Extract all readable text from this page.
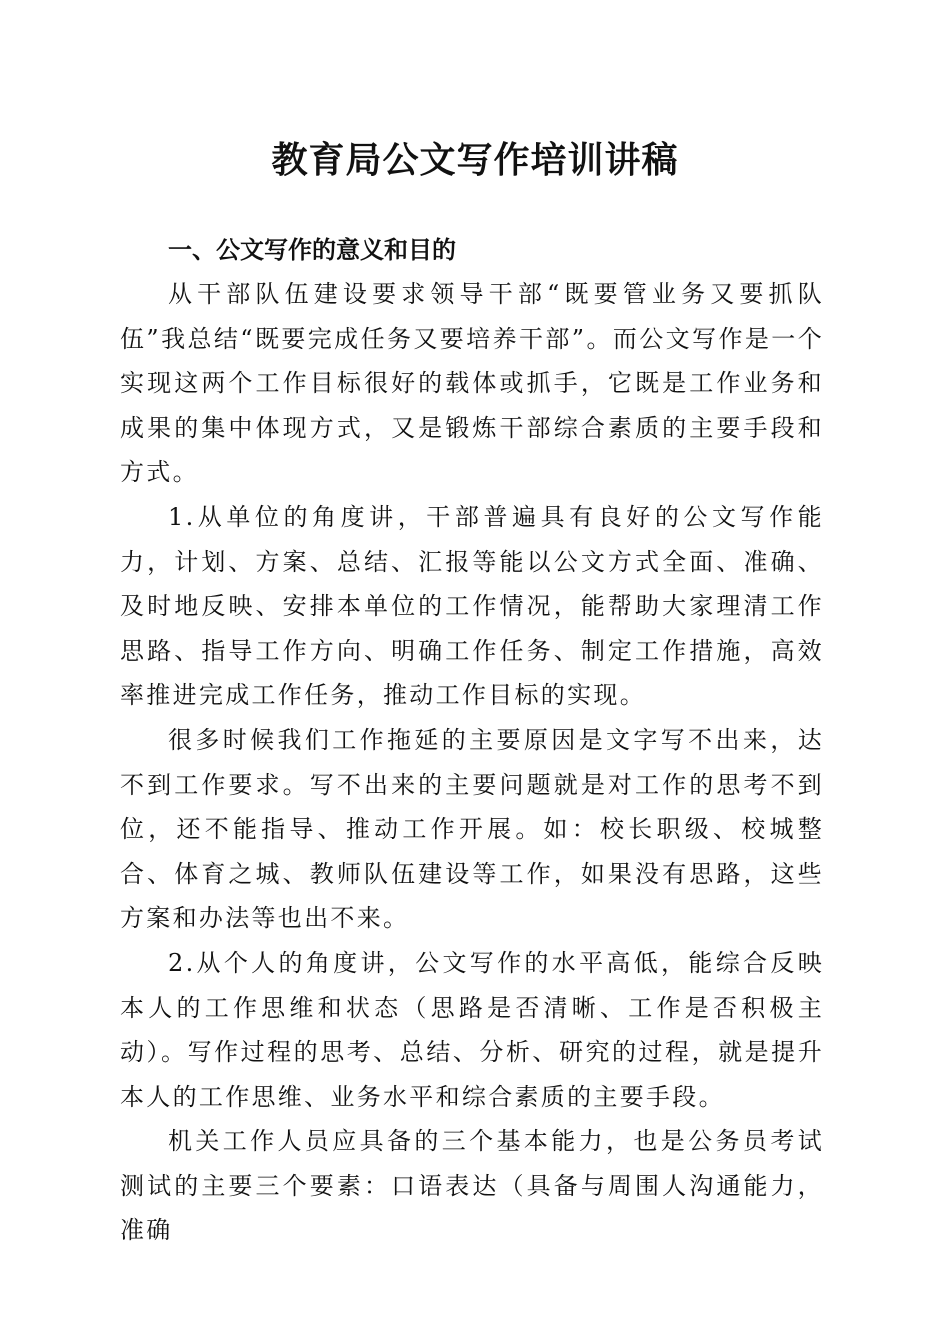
教育局公文写作培训讲稿

一、公文写作的意义和目的

从干部队伍建设要求领导干部“既要管业务又要抓队伍”我总结“既要完成任务又要培养干部”。而公文写作是一个实现这两个工作目标很好的载体或抓手，它既是工作业务和成果的集中体现方式，又是锻炼干部综合素质的主要手段和方式。

1.从单位的角度讲，干部普遍具有良好的公文写作能力，计划、方案、总结、汇报等能以公文方式全面、准确、及时地反映、安排本单位的工作情况，能帮助大家理清工作思路、指导工作方向、明确工作任务、制定工作措施，高效率推进完成工作任务，推动工作目标的实现。

很多时候我们工作拖延的主要原因是文字写不出来，达不到工作要求。写不出来的主要问题就是对工作的思考不到位，还不能指导、推动工作开展。如：校长职级、校城整合、体育之城、教师队伍建设等工作，如果没有思路，这些方案和办法等也出不来。

2.从个人的角度讲，公文写作的水平高低，能综合反映本人的工作思维和状态（思路是否清晰、工作是否积极主动）。写作过程的思考、总结、分析、研究的过程，就是提升本人的工作思维、业务水平和综合素质的主要手段。

机关工作人员应具备的三个基本能力，也是公务员考试测试的主要三个要素：口语表达（具备与周围人沟通能力，准确
